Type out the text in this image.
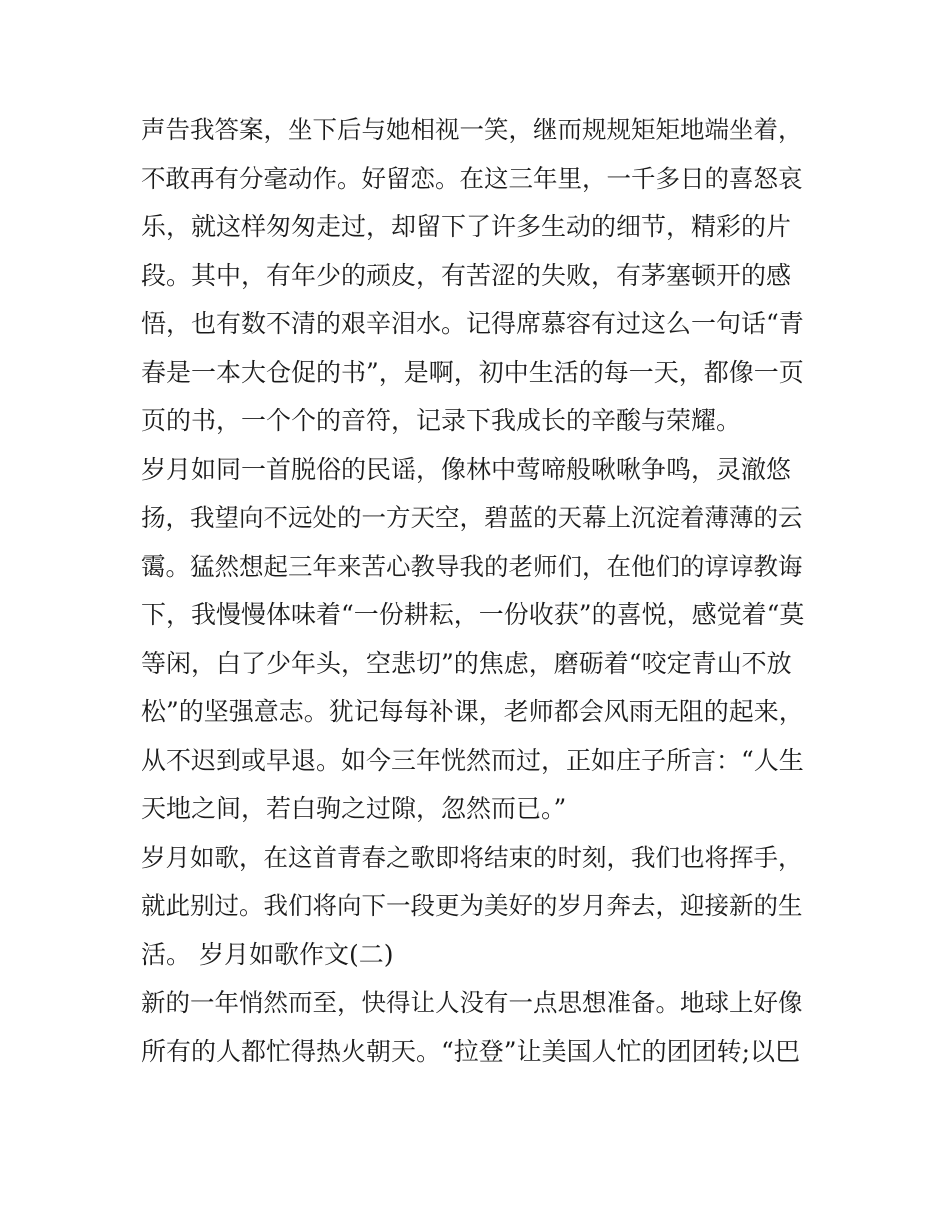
声告我答案，坐下后与她相视一笑，继而规规矩矩地端坐着，
不敢再有分毫动作。好留恋。在这三年里，一千多日的喜怒哀
乐，就这样匆匆走过，却留下了许多生动的细节，精彩的片
段。其中，有年少的顽皮，有苦涩的失败，有茅塞顿开的感
悟，也有数不清的艰辛泪水。记得席慕容有过这么一句话“青
春是一本大仓促的书”，是啊，初中生活的每一天，都像一页
页的书，一个个的音符，记录下我成长的辛酸与荣耀。
岁月如同一首脱俗的民谣，像林中莺啼般啾啾争鸣，灵澈悠
扬，我望向不远处的一方天空，碧蓝的天幕上沉淀着薄薄的云
霭。猛然想起三年来苦心教导我的老师们，在他们的谆谆教诲
下，我慢慢体味着“一份耕耘，一份收获”的喜悦，感觉着“莫
等闲，白了少年头，空悲切”的焦虑，磨砺着“咬定青山不放
松”的坚强意志。犹记每每补课，老师都会风雨无阻的起来，
从不迟到或早退。如今三年恍然而过，正如庄子所言：“人生
天地之间，若白驹之过隙，忽然而已。”
岁月如歌，在这首青春之歌即将结束的时刻，我们也将挥手，
就此别过。我们将向下一段更为美好的岁月奔去，迎接新的生
活。 岁月如歌作文(二)
新的一年悄然而至，快得让人没有一点思想准备。地球上好像
所有的人都忙得热火朝天。“拉登”让美国人忙的团团转;以巴
